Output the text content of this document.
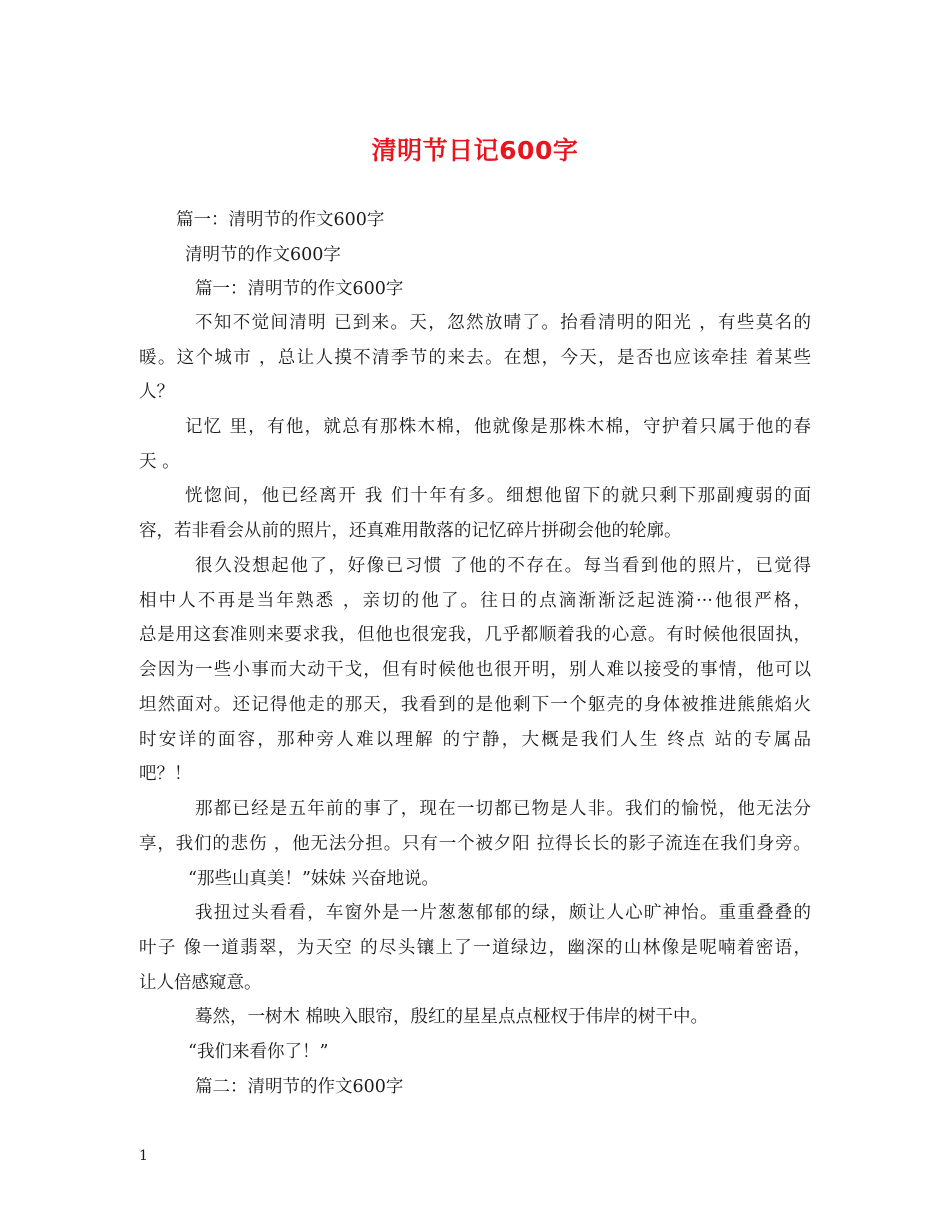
清明节日记600字
篇一：清明节的作文600字
清明节的作文600字
篇一：清明节的作文600字
不知不觉间清明 已到来。天，忽然放晴了。抬看清明的阳光 ，有些莫名的
暖。这个城市 ，总让人摸不清季节的来去。在想，今天，是否也应该牵挂 着某些
人？
记忆 里，有他，就总有那株木棉，他就像是那株木棉，守护着只属于他的春
天 。
恍惚间，他已经离开 我 们十年有多。细想他留下的就只剩下那副瘦弱的面
容，若非看会从前的照片，还真难用散落的记忆碎片拼砌会他的轮廓。
很久没想起他了，好像已习惯 了他的不存在。每当看到他的照片，已觉得
相中人不再是当年熟悉 ，亲切的他了。往日的点滴渐渐泛起涟漪···他很严格，
总是用这套准则来要求我，但他也很宠我，几乎都顺着我的心意。有时候他很固执，
会因为一些小事而大动干戈，但有时候他也很开明，别人难以接受的事情，他可以
坦然面对。还记得他走的那天，我看到的是他剩下一个躯壳的身体被推进熊熊焰火
时安详的面容，那种旁人难以理解 的宁静，大概是我们人生 终点 站的专属品
吧？！
那都已经是五年前的事了，现在一切都已物是人非。我们的愉悦，他无法分
享，我们的悲伤 ，他无法分担。只有一个被夕阳 拉得长长的影子流连在我们身旁。
“那些山真美！”妹妹 兴奋地说。
我扭过头看看，车窗外是一片葱葱郁郁的绿，颇让人心旷神怡。重重叠叠的
叶子 像一道翡翠，为天空 的尽头镶上了一道绿边，幽深的山林像是呢喃着密语，
让人倍感窥意。
蓦然，一树木 棉映入眼帘，殷红的星星点点桠杈于伟岸的树干中。
“我们来看你了！”
篇二：清明节的作文600字
1
